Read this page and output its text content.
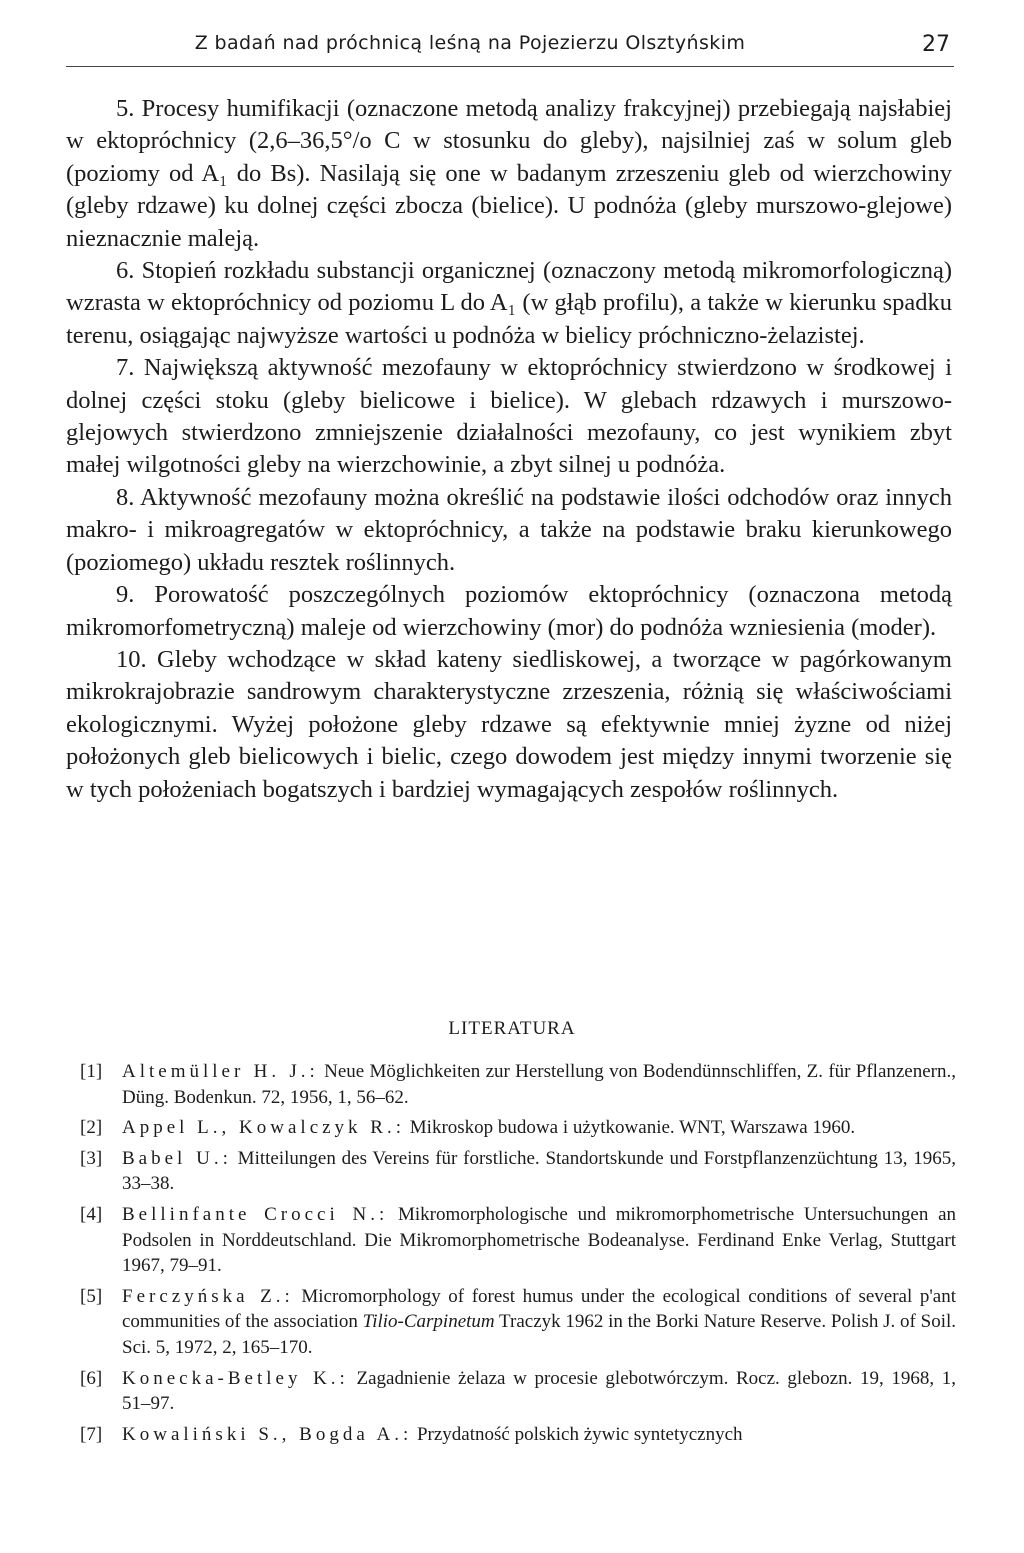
Z badań nad próchnicą leśną na Pojezierzu Olsztyńskim	27

5. Procesy humifikacji (oznaczone metodą analizy frakcyjnej) przebiegają najsłabiej w ektopróchnicy (2,6–36,5°/o C w stosunku do gleby), najsilniej zaś w solum gleb (poziomy od A₁ do Bs). Nasilają się one w badanym zrzeszeniu gleb od wierzchowiny (gleby rdzawe) ku dolnej części zbocza (bielice). U podnóża (gleby murszowo-glejowe) nieznacznie maleją.

6. Stopień rozkładu substancji organicznej (oznaczony metodą mikromorfologiczną) wzrasta w ektopróchnicy od poziomu L do A₁ (w głąb profilu), a także w kierunku spadku terenu, osiągając najwyższe wartości u podnóża w bielicy próchniczno-żelazistej.

7. Największą aktywność mezofauny w ektopróchnicy stwierdzono w środkowej i dolnej części stoku (gleby bielicowe i bielice). W glebach rdzawych i murszowo-glejowych stwierdzono zmniejszenie działalności mezofauny, co jest wynikiem zbyt małej wilgotności gleby na wierzchowinie, a zbyt silnej u podnóża.

8. Aktywność mezofauny można określić na podstawie ilości odchodów oraz innych makro- i mikroagregatów w ektopróchnicy, a także na podstawie braku kierunkowego (poziomego) układu resztek roślinnych.

9. Porowatość poszczególnych poziomów ektopróchnicy (oznaczona metodą mikromorfometryczną) maleje od wierzchowiny (mor) do podnóża wzniesienia (moder).

10. Gleby wchodzące w skład kateny siedliskowej, a tworzące w pagórkowanym mikrokrajobrazie sandrowym charakterystyczne zrzeszenia, różnią się właściwościami ekologicznymi. Wyżej położone gleby rdzawe są efektywnie mniej żyzne od niżej położonych gleb bielicowych i bielic, czego dowodem jest między innymi tworzenie się w tych położeniach bogatszych i bardziej wymagających zespołów roślinnych.

LITERATURA
[1]	Altemüller H. J.: Neue Möglichkeiten zur Herstellung von Bodendünnschliffen, Z. für Pflanzenern., Düng. Bodenkun. 72, 1956, 1, 56–62.
[2]	Appel L., Kowalczyk R.: Mikroskop budowa i użytkowanie. WNT, Warszawa 1960.
[3]	Babel U.: Mitteilungen des Vereins für forstliche. Standortskunde und Forstpflanzenzüchtung 13, 1965, 33–38.
[4]	Bellinfante Crocci N.: Mikromorphologische und mikromorphometrische Untersuchungen an Podsolen in Norddeutschland. Die Mikromorphometrische Bodeanalyse. Ferdinand Enke Verlag, Stuttgart 1967, 79–91.
[5]	Ferczyńska Z.: Micromorphology of forest humus under the ecological conditions of several p'ant communities of the association Tilio-Carpinetum Traczyk 1962 in the Borki Nature Reserve. Polish J. of Soil. Sci. 5, 1972, 2, 165–170.
[6]	Konecka-Betley K.: Zagadnienie żelaza w procesie glebotwórczym. Rocz. glebozn. 19, 1968, 1, 51–97.
[7]	Kowaliński S., Bogda A.: Przydatność polskich żywic syntetycznych
